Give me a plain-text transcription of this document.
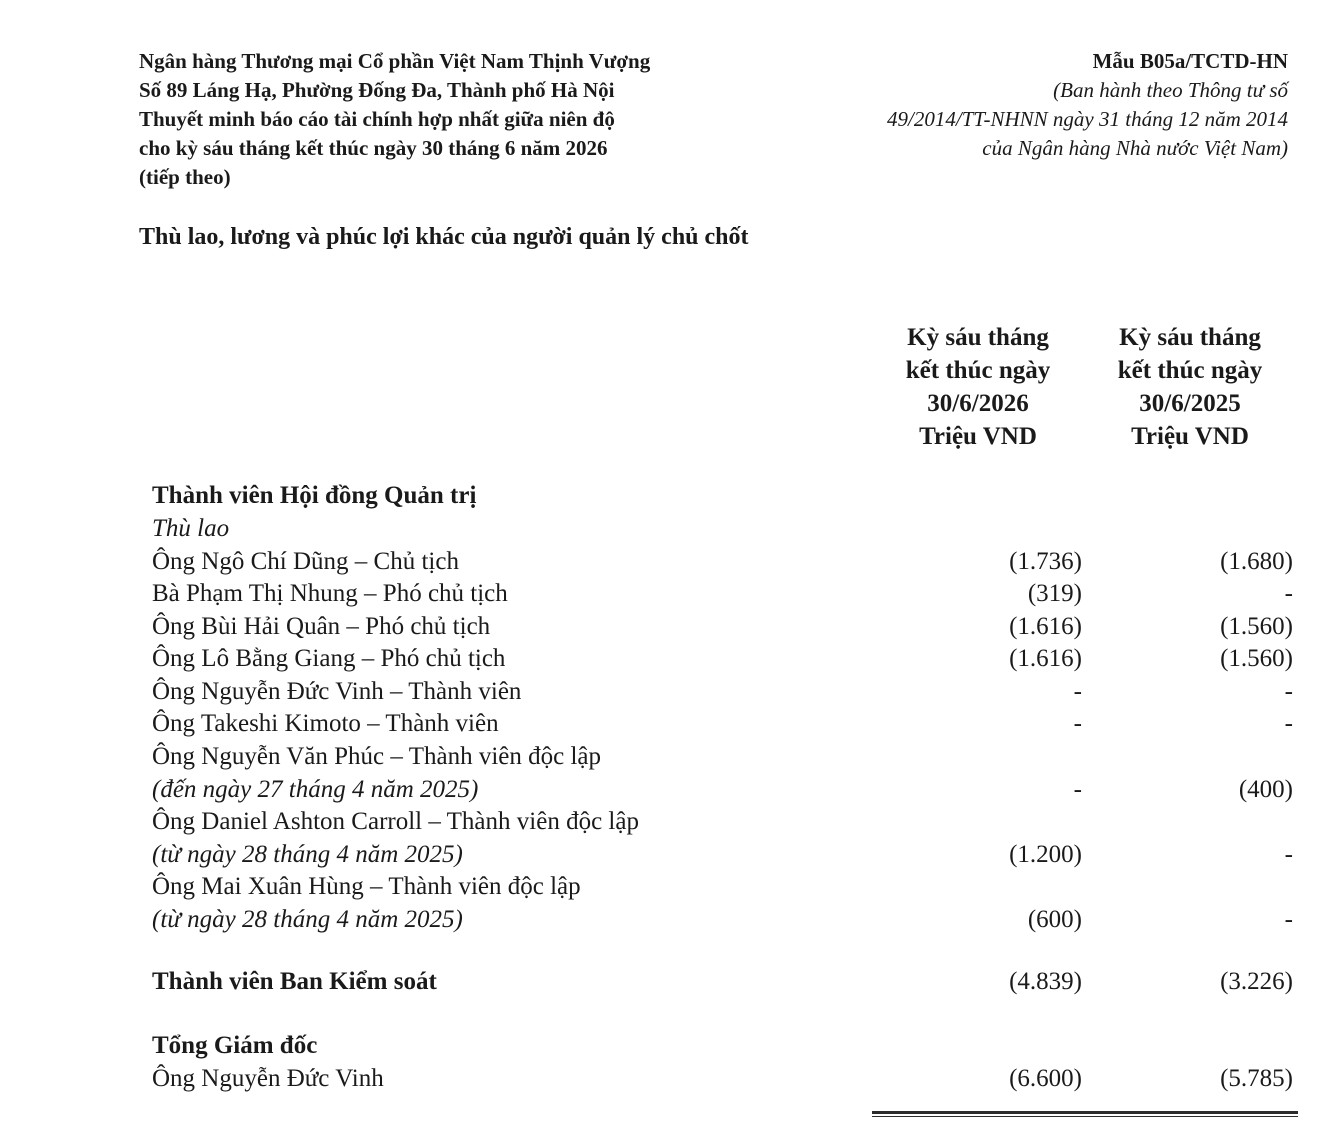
Ngân hàng Thương mại Cổ phần Việt Nam Thịnh Vượng
Số 89 Láng Hạ, Phường Đống Đa, Thành phố Hà Nội
Thuyết minh báo cáo tài chính hợp nhất giữa niên độ
cho kỳ sáu tháng kết thúc ngày 30 tháng 6 năm 2026
(tiếp theo)
Mẫu B05a/TCTD-HN
(Ban hành theo Thông tư số
49/2014/TT-NHNN ngày 31 tháng 12 năm 2014
của Ngân hàng Nhà nước Việt Nam)
Thù lao, lương và phúc lợi khác của người quản lý chủ chốt
Kỳ sáu tháng
kết thúc ngày
30/6/2026
Triệu VND
Kỳ sáu tháng
kết thúc ngày
30/6/2025
Triệu VND
Thành viên Hội đồng Quản trị
Thù lao
Ông Ngô Chí Dũng – Chủ tịch	(1.736)	(1.680)
Bà Phạm Thị Nhung – Phó chủ tịch	(319)	-
Ông Bùi Hải Quân – Phó chủ tịch	(1.616)	(1.560)
Ông Lô Bằng Giang – Phó chủ tịch	(1.616)	(1.560)
Ông Nguyễn Đức Vinh – Thành viên	-	-
Ông Takeshi Kimoto – Thành viên	-	-
Ông Nguyễn Văn Phúc – Thành viên độc lập
(đến ngày 27 tháng 4 năm 2025)	-	(400)
Ông Daniel Ashton Carroll – Thành viên độc lập
(từ ngày 28 tháng 4 năm 2025)	(1.200)	-
Ông Mai Xuân Hùng – Thành viên độc lập
(từ ngày 28 tháng 4 năm 2025)	(600)	-
Thành viên Ban Kiểm soát	(4.839)	(3.226)
Tổng Giám đốc
Ông Nguyễn Đức Vinh	(6.600)	(5.785)
